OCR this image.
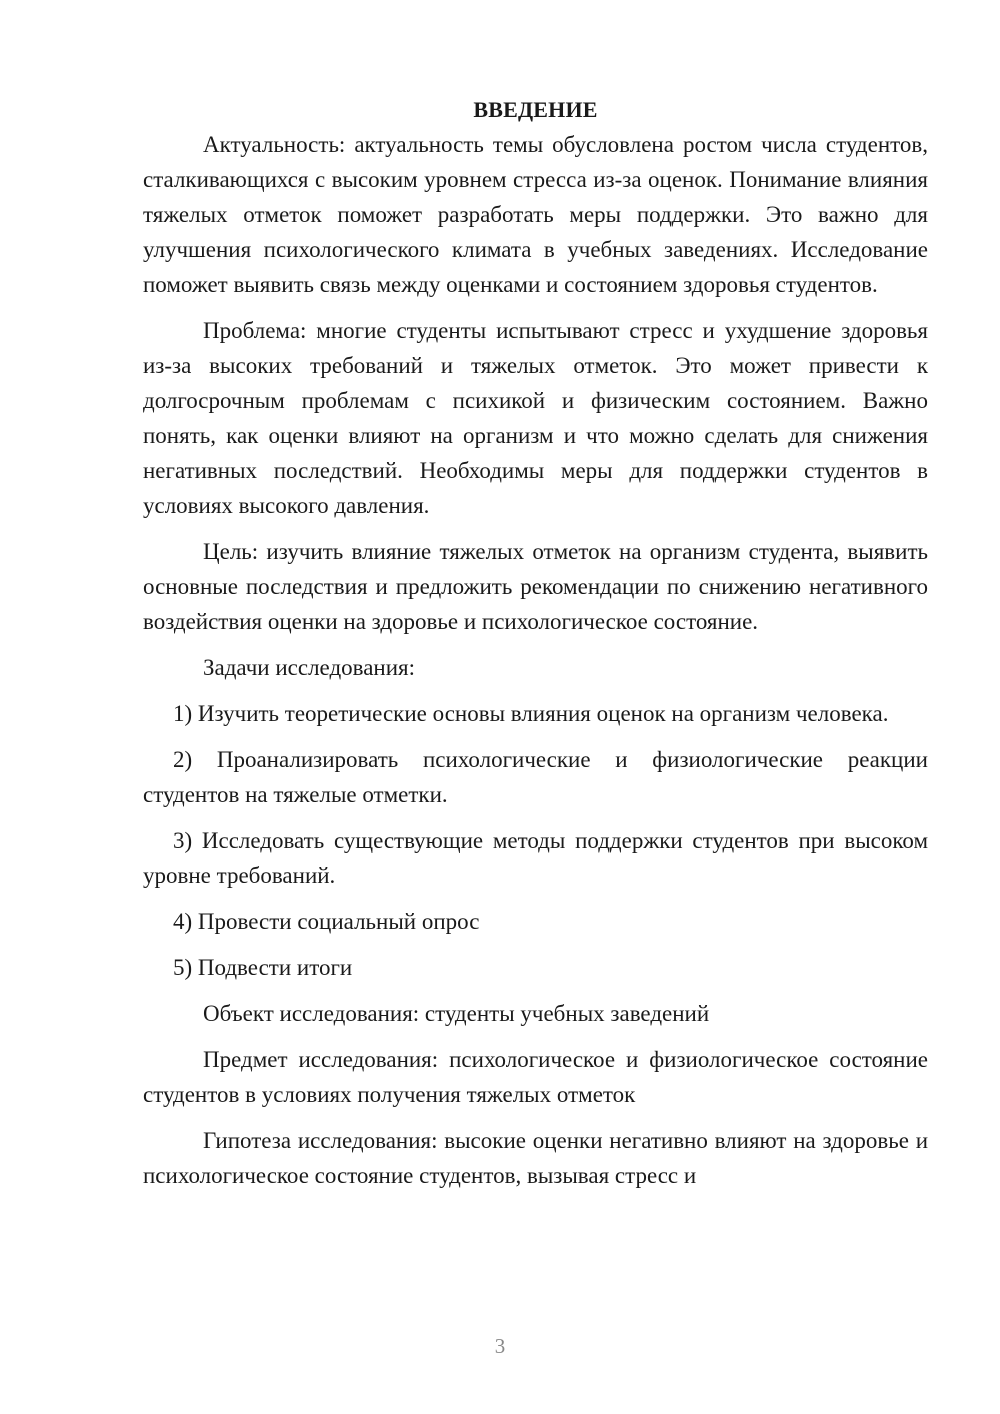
ВВЕДЕНИЕ

Актуальность: актуальность темы обусловлена ростом числа студентов, сталкивающихся с высоким уровнем стресса из-за оценок. Понимание влияния тяжелых отметок поможет разработать меры поддержки. Это важно для улучшения психологического климата в учебных заведениях. Исследование поможет выявить связь между оценками и состоянием здоровья студентов.

Проблема: многие студенты испытывают стресс и ухудшение здоровья из-за высоких требований и тяжелых отметок. Это может привести к долгосрочным проблемам с психикой и физическим состоянием. Важно понять, как оценки влияют на организм и что можно сделать для снижения негативных последствий. Необходимы меры для поддержки студентов в условиях высокого давления.

Цель: изучить влияние тяжелых отметок на организм студента, выявить основные последствия и предложить рекомендации по снижению негативного воздействия оценки на здоровье и психологическое состояние.

Задачи исследования:

1) Изучить теоретические основы влияния оценок на организм человека.

2) Проанализировать психологические и физиологические реакции студентов на тяжелые отметки.

3) Исследовать существующие методы поддержки студентов при высоком уровне требований.

4) Провести социальный опрос

5) Подвести итоги

Объект исследования: студенты учебных заведений

Предмет исследования: психологическое и физиологическое состояние студентов в условиях получения тяжелых отметок

Гипотеза исследования: высокие оценки негативно влияют на здоровье и психологическое состояние студентов, вызывая стресс и

3
